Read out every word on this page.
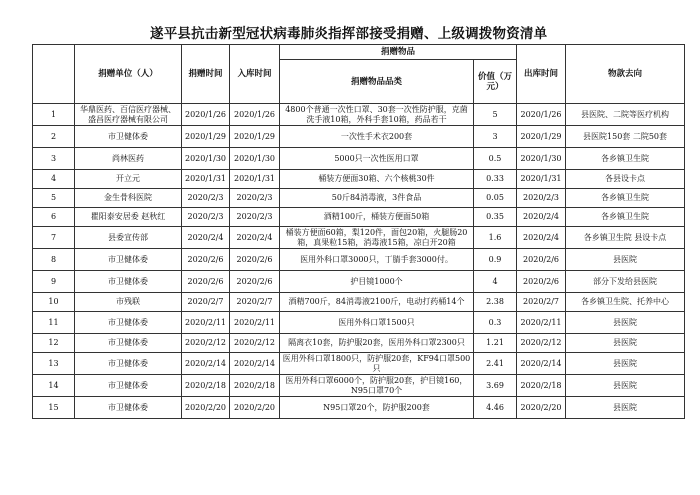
遂平县抗击新型冠状病毒肺炎指挥部接受捐赠、上级调拨物资清单
	捐赠单位（人）	捐赠时间	入库时间	捐赠物品		出库时间	物款去向
				捐赠物品品类	价值（万元）		
1	华鼎医药、百信医疗器械、盛昌医疗器械有限公司	2020/1/26	2020/1/26	4800个普通一次性口罩、30套一次性防护服，克菌洗手液10箱，外科手套10箱，药品若干	5	2020/1/26	县医院、二院等医疗机构
2	市卫健体委	2020/1/29	2020/1/29	一次性手术衣200套	3	2020/1/29	县医院150套 二院50套
3	尚林医药	2020/1/30	2020/1/30	5000只一次性医用口罩	0.5	2020/1/30	各乡镇卫生院
4	开立元	2020/1/31	2020/1/31	桶装方便面30箱、六个核桃30件	0.33	2020/1/31	各县设卡点
5	金生骨科医院	2020/2/3	2020/2/3	50斤84消毒液，3件食品	0.05	2020/2/3	各乡镇卫生院
6	瞿阳泰安居委 赵秋红	2020/2/3	2020/2/3	酒精100斤，桶装方便面50箱	0.35	2020/2/4	各乡镇卫生院
7	县委宣传部	2020/2/4	2020/2/4	桶装方便面60箱，梨120件，面包20箱，火腿肠20箱，真果粒15箱，消毒液15箱，凉白开20箱	1.6	2020/2/4	各乡镇卫生院 县设卡点
8	市卫健体委	2020/2/6	2020/2/6	医用外科口罩3000只，丁腈手套3000付。	0.9	2020/2/6	县医院
9	市卫健体委	2020/2/6	2020/2/6	护目镜1000个	4	2020/2/6	部分下发给县医院
10	市残联	2020/2/7	2020/2/7	酒精700斤，84消毒液2100斤，电动打药桶14个	2.38	2020/2/7	各乡镇卫生院、托养中心
11	市卫健体委	2020/2/11	2020/2/11	医用外科口罩1500只	0.3	2020/2/11	县医院
12	市卫健体委	2020/2/12	2020/2/12	隔离衣10套，防护服20套，医用外科口罩2300只	1.21	2020/2/12	县医院
13	市卫健体委	2020/2/14	2020/2/14	医用外科口罩1800只，防护服20套，KF94口罩500只	2.41	2020/2/14	县医院
14	市卫健体委	2020/2/18	2020/2/18	医用外科口罩6000个，防护服20套，护目镜160，N95口罩70个	3.69	2020/2/18	县医院
15	市卫健体委	2020/2/20	2020/2/20	N95口罩20个，防护服200套	4.46	2020/2/20	县医院
